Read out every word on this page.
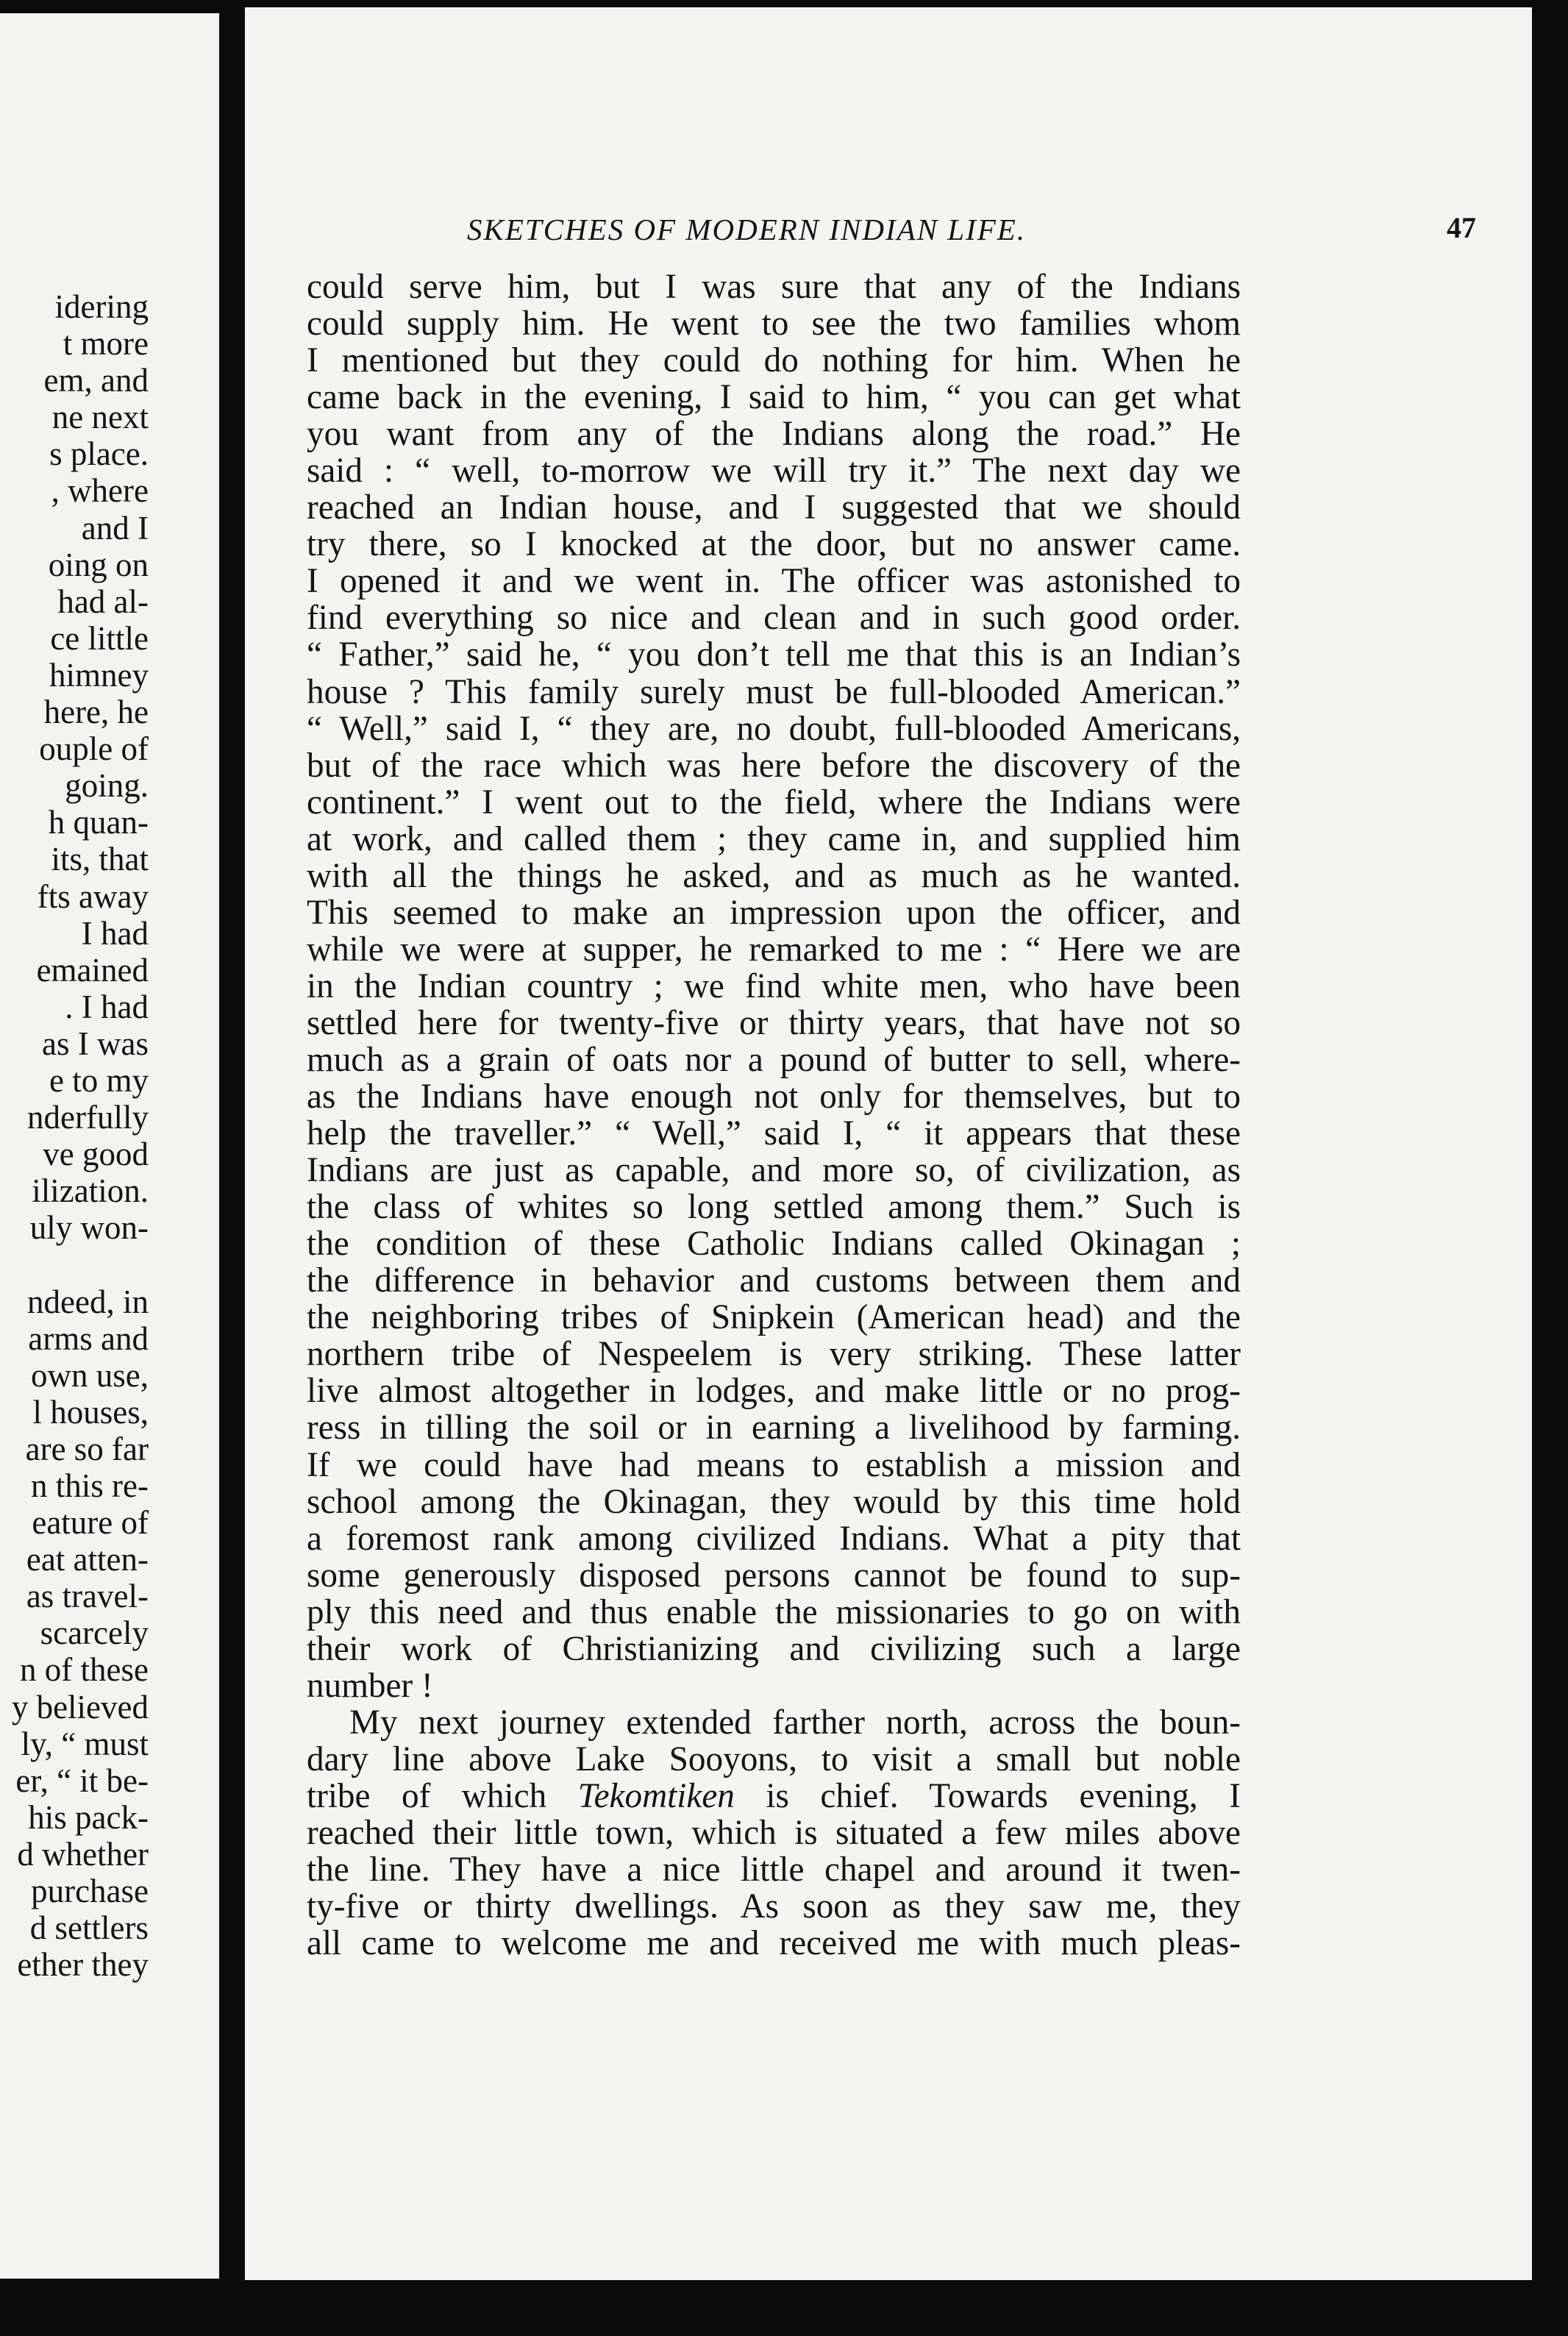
idering
t more
em, and
ne next
s place.
, where
and I
oing on
had al-
ce little
himney
here, he
ouple of
going.
h quan-
its, that
fts away
I had
emained
. I had
as I was
e to my
nderfully
ve good
ilization.
uly won-

ndeed, in
arms and
own use,
l houses,
are so far
n this re-
eature of
eat atten-
as travel-
scarcely
n of these
y believed
ly, “ must
er, “ it be-
his pack-
d whether
purchase
d settlers
ether they

SKETCHES OF MODERN INDIAN LIFE.	47
could serve him, but I was sure that any of the Indians
could supply him. He went to see the two families whom
I mentioned but they could do nothing for him. When he
came back in the evening, I said to him, “ you can get what
you want from any of the Indians along the road.” He
said : “ well, to-morrow we will try it.” The next day we
reached an Indian house, and I suggested that we should
try there, so I knocked at the door, but no answer came.
I opened it and we went in. The officer was astonished to
find everything so nice and clean and in such good order.
“ Father,” said he, “ you don’t tell me that this is an Indian’s
house ? This family surely must be full-blooded American.”
“ Well,” said I, “ they are, no doubt, full-blooded Americans,
but of the race which was here before the discovery of the
continent.” I went out to the field, where the Indians were
at work, and called them ; they came in, and supplied him
with all the things he asked, and as much as he wanted.
This seemed to make an impression upon the officer, and
while we were at supper, he remarked to me : “ Here we are
in the Indian country ; we find white men, who have been
settled here for twenty-five or thirty years, that have not so
much as a grain of oats nor a pound of butter to sell, where-
as the Indians have enough not only for themselves, but to
help the traveller.” “ Well,” said I, “ it appears that these
Indians are just as capable, and more so, of civilization, as
the class of whites so long settled among them.” Such is
the condition of these Catholic Indians called Okinagan ;
the difference in behavior and customs between them and
the neighboring tribes of Snipkein (American head) and the
northern tribe of Nespeelem is very striking. These latter
live almost altogether in lodges, and make little or no prog-
ress in tilling the soil or in earning a livelihood by farming.
If we could have had means to establish a mission and
school among the Okinagan, they would by this time hold
a foremost rank among civilized Indians. What a pity that
some generously disposed persons cannot be found to sup-
ply this need and thus enable the missionaries to go on with
their work of Christianizing and civilizing such a large
number !
My next journey extended farther north, across the boun-
dary line above Lake Sooyons, to visit a small but noble
tribe of which Tekomtiken is chief. Towards evening, I
reached their little town, which is situated a few miles above
the line. They have a nice little chapel and around it twen-
ty-five or thirty dwellings. As soon as they saw me, they
all came to welcome me and received me with much pleas-
